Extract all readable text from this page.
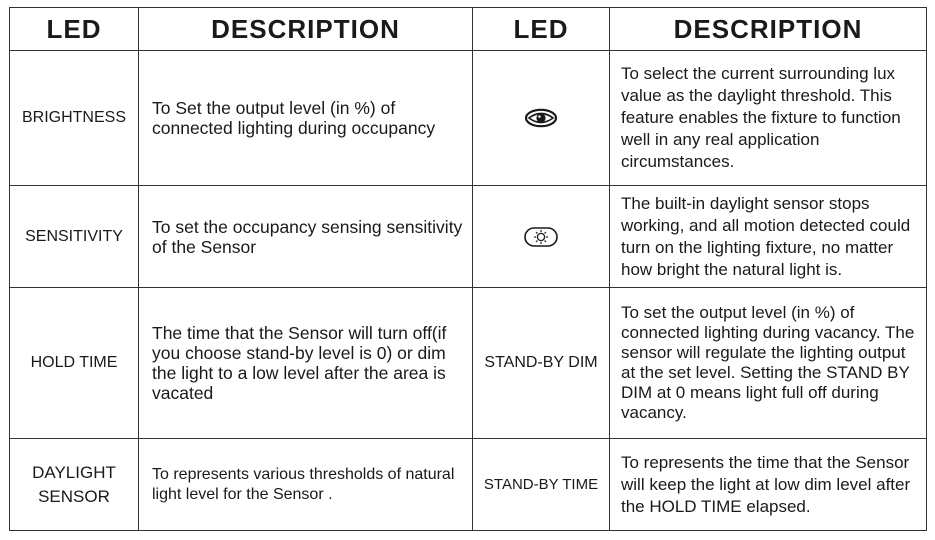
LED	DESCRIPTION	LED	DESCRIPTION
BRIGHTNESS	To Set the output level (in %) of connected lighting during occupancy		To select the current surrounding lux value as the daylight threshold. This feature enables the fixture to function well in any real application circumstances.
SENSITIVITY	To set the occupancy sensing sensitivity of the Sensor		The built-in daylight sensor stops working, and all motion detected could turn on the lighting fixture, no matter how bright the natural light is.
HOLD TIME	The time that the Sensor will turn off(if you choose stand-by level is 0) or dim the light to a low level after the area is vacated	STAND-BY DIM	To set the output level (in %) of connected lighting during vacancy. The sensor will regulate the lighting output at the set level. Setting the STAND BY DIM at 0 means light full off during vacancy.
DAYLIGHT SENSOR	To represents various thresholds of natural light level for the Sensor .	STAND-BY TIME	To represents the time that the Sensor will keep the light at low dim level after the HOLD TIME elapsed.
